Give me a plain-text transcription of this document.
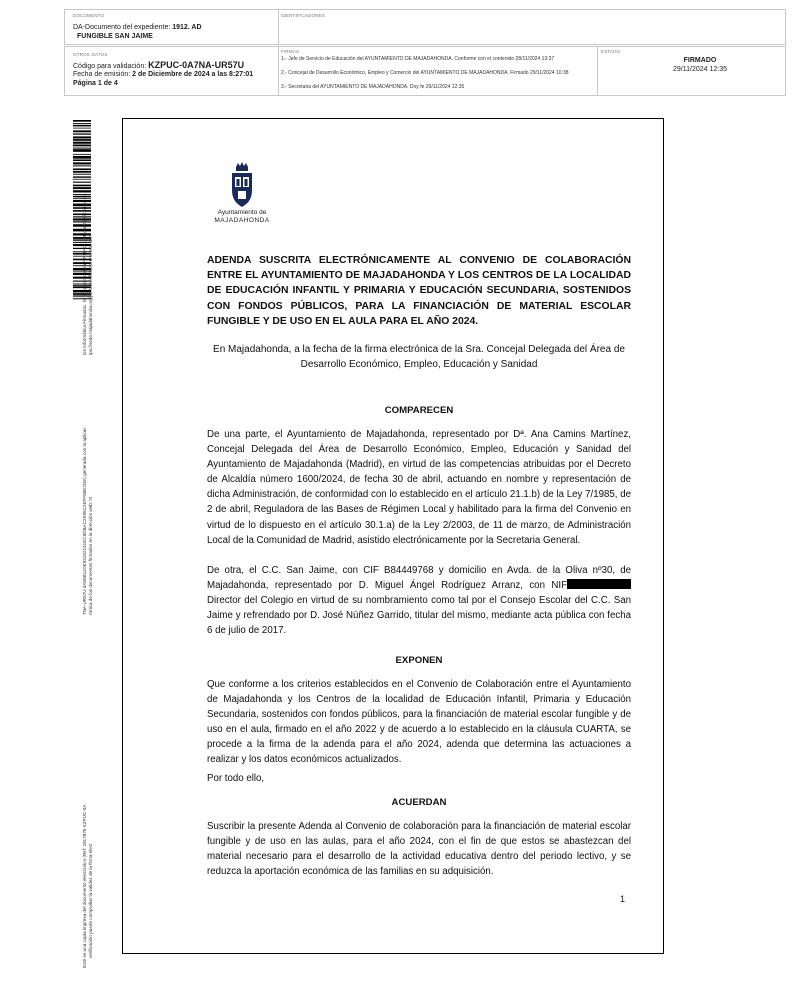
DOCUMENTO
DA-Documento del expediente: 1912. AD
FUNGIBLE SAN JAIME
IDENTIFICADORES
OTROS DATOS
Código para validación: KZPUC-0A7NA-UR57U
Fecha de emisión: 2 de Diciembre de 2024 a las 8:27:01
Página 1 de 4
FIRMAS
1.- Jefe de Servicio de Educación del AYUNTAMIENTO DE MAJADAHONDA. Conforme con el contenido 28/11/2024 13:37
2.- Concejal de Desarrollo Económico, Empleo y Comercio del AYUNTAMIENTO DE MAJADAHONDA. Firmado 29/11/2024 10:38
3.- Secretaria del AYUNTAMIENTO DE MAJADAHONDA. Doy fe 29/11/2024 12:35
ESTADO
FIRMADO
29/11/2024 12:35
Este es una copia impresa del documento electrónico (Ref: 2817876 KZPUC-0A verificación puede comprobar la validez de la firma elect
7NA-UR57U 4A80B11DE93182241EC8DBAC2E95C2EFF86E2DE) generada con la aplicac rónica de los documentos firmados en la dirección web: ht
ión informática Firmadoc. El documento está FIRMADO. Mediante el código de tps://sede.majadahonda.org/portal/verificaDocumentos.do?
Ayuntamiento de
MAJADAHONDA
ADENDA SUSCRITA ELECTRÓNICAMENTE AL CONVENIO DE COLABORACIÓN ENTRE EL AYUNTAMIENTO DE MAJADAHONDA Y LOS CENTROS DE LA LOCALIDAD DE EDUCACIÓN INFANTIL Y PRIMARIA Y EDUCACIÓN SECUNDARIA, SOSTENIDOS CON FONDOS PÚBLICOS, PARA LA FINANCIACIÓN DE MATERIAL ESCOLAR FUNGIBLE Y DE USO EN EL AULA PARA EL AÑO 2024.
En Majadahonda, a la fecha de la firma electrónica de la Sra. Concejal Delegada del Área de Desarrollo Económico, Empleo, Educación y Sanidad
COMPARECEN
De una parte, el Ayuntamiento de Majadahonda, representado por Dª. Ana Camins Martínez, Concejal Delegada del Área de Desarrollo Económico, Empleo, Educación y Sanidad del Ayuntamiento de Majadahonda (Madrid), en virtud de las competencias atribuidas por el Decreto de Alcaldía número 1600/2024, de fecha 30 de abril, actuando en nombre y representación de dicha Administración, de conformidad con lo establecido en el artículo 21.1.b) de la Ley 7/1985, de 2 de abril, Reguladora de las Bases de Régimen Local y habilitado para la firma del Convenio en virtud de lo dispuesto en el artículo 30.1.a) de la Ley 2/2003, de 11 de marzo, de Administración Local de la Comunidad de Madrid, asistido electrónicamente por la Secretaria General.
De otra, el C.C. San Jaime, con CIF B84449768 y domicilio en Avda. de la Oliva nº30, de Majadahonda, representado por D. Miguel Ángel Rodríguez Arranz, con NIF Director del Colegio en virtud de su nombramiento como tal por el Consejo Escolar del C.C. San Jaime y refrendado por D. José Núñez Garrido, titular del mismo, mediante acta pública con fecha 6 de julio de 2017.
EXPONEN
Que conforme a los criterios establecidos en el Convenio de Colaboración entre el Ayuntamiento de Majadahonda y los Centros de la localidad de Educación Infantil, Primaria y Educación Secundaria, sostenidos con fondos públicos, para la financiación de material escolar fungible y de uso en el aula, firmado en el año 2022 y de acuerdo a lo establecido en la cláusula CUARTA, se procede a la firma de la adenda para el año 2024, adenda que determina las actuaciones a realizar y los datos económicos actualizados.
Por todo ello,
ACUERDAN
Suscribir la presente Adenda al Convenio de colaboración para la financiación de material escolar fungible y de uso en las aulas, para el año 2024, con el fin de que estos se abastezcan del material necesario para el desarrollo de la actividad educativa dentro del periodo lectivo, y se reduzca la aportación económica de las familias en su adquisición.
1
